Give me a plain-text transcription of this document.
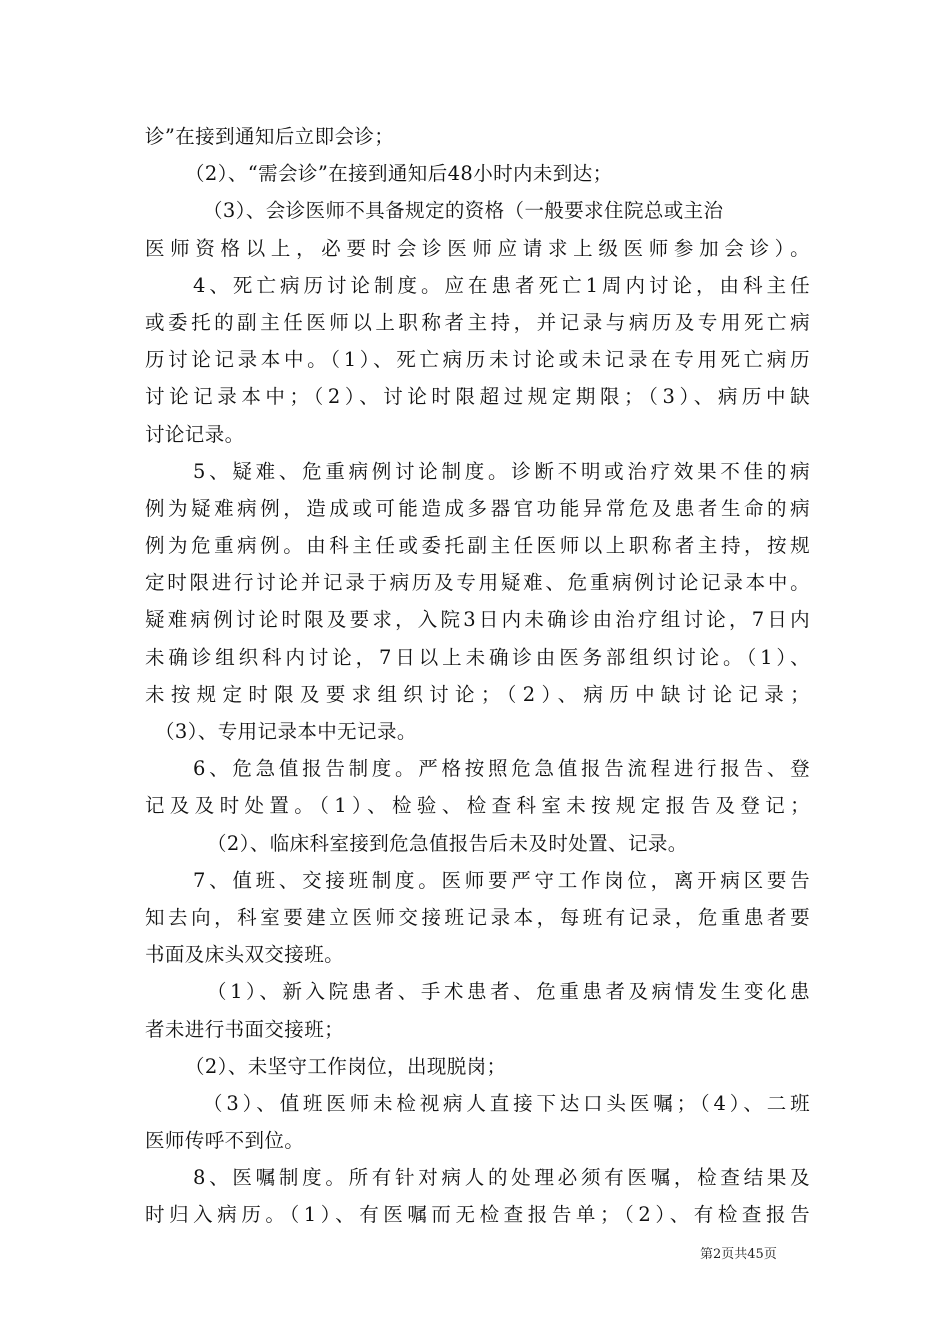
诊”在接到通知后立即会诊；
（2）、“需会诊”在接到通知后48小时内未到达；
（3）、会诊医师不具备规定的资格（一般要求住院总或主治
医师资格以上，必要时会诊医师应请求上级医师参加会诊）。
4、死亡病历讨论制度。应在患者死亡1周内讨论，由科主任
或委托的副主任医师以上职称者主持，并记录与病历及专用死亡病
历讨论记录本中。（1）、死亡病历未讨论或未记录在专用死亡病历
讨论记录本中；（2）、讨论时限超过规定期限；（3）、病历中缺
讨论记录。
5、疑难、危重病例讨论制度。诊断不明或治疗效果不佳的病
例为疑难病例，造成或可能造成多器官功能异常危及患者生命的病
例为危重病例。由科主任或委托副主任医师以上职称者主持，按规
定时限进行讨论并记录于病历及专用疑难、危重病例讨论记录本中。
疑难病例讨论时限及要求，入院3日内未确诊由治疗组讨论，7日内
未确诊组织科内讨论，7日以上未确诊由医务部组织讨论。（1）、
未按规定时限及要求组织讨论；（2）、病历中缺讨论记录；
（3）、专用记录本中无记录。
6、危急值报告制度。严格按照危急值报告流程进行报告、登
记及及时处置。（1）、检验、检查科室未按规定报告及登记；
（2）、临床科室接到危急值报告后未及时处置、记录。
7、值班、交接班制度。医师要严守工作岗位，离开病区要告
知去向，科室要建立医师交接班记录本，每班有记录，危重患者要
书面及床头双交接班。
（1）、新入院患者、手术患者、危重患者及病情发生变化患
者未进行书面交接班；
（2）、未坚守工作岗位，出现脱岗；
（3）、值班医师未检视病人直接下达口头医嘱；（4）、二班
医师传呼不到位。
8、医嘱制度。所有针对病人的处理必须有医嘱，检查结果及
时归入病历。（1）、有医嘱而无检查报告单；（2）、有检查报告
第2页共45页
